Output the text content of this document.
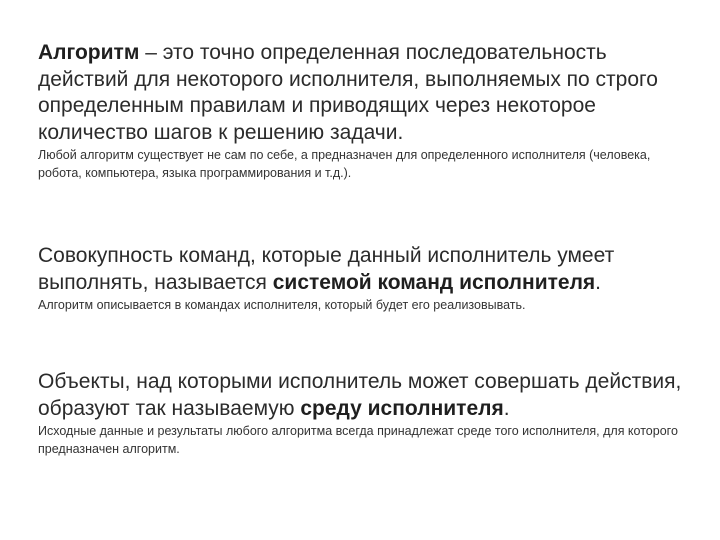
Алгоритм – это точно определенная последовательность действий для некоторого исполнителя, выполняемых по строго определенным правилам и приводящих через некоторое количество шагов к решению задачи.

Любой алгоритм существует не сам по себе, а предназначен для определенного исполнителя (человека, робота, компьютера, языка программирования и т.д.).

Совокупность команд, которые данный исполнитель умеет выполнять, называется системой команд исполнителя.

Алгоритм описывается в командах исполнителя, который будет его реализовывать.

Объекты, над которыми исполнитель может совершать действия, образуют так называемую среду исполнителя.

Исходные данные и результаты любого алгоритма всегда принадлежат среде того исполнителя, для которого предназначен алгоритм.
